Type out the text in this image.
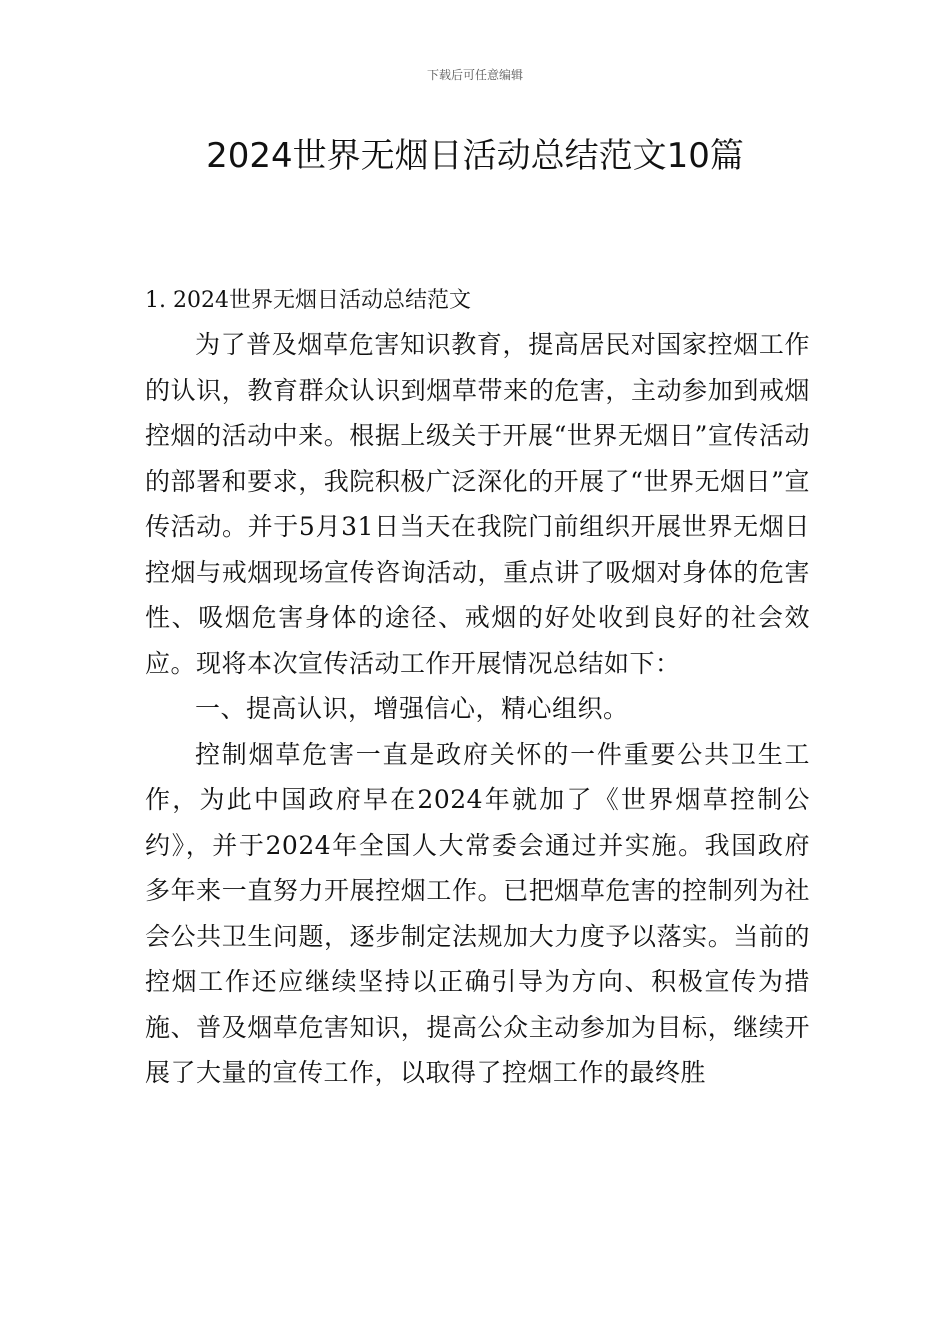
下载后可任意编辑
2024世界无烟日活动总结范文10篇

1. 2024世界无烟日活动总结范文

为了普及烟草危害知识教育，提高居民对国家控烟工作的认识，教育群众认识到烟草带来的危害，主动参加到戒烟控烟的活动中来。根据上级关于开展“世界无烟日”宣传活动的部署和要求，我院积极广泛深化的开展了“世界无烟日”宣传活动。并于5月31日当天在我院门前组织开展世界无烟日控烟与戒烟现场宣传咨询活动，重点讲了吸烟对身体的危害性、吸烟危害身体的途径、戒烟的好处收到良好的社会效应。现将本次宣传活动工作开展情况总结如下：

一、提高认识，增强信心，精心组织。

控制烟草危害一直是政府关怀的一件重要公共卫生工作，为此中国政府早在2024年就加了《世界烟草控制公约》，并于2024年全国人大常委会通过并实施。我国政府多年来一直努力开展控烟工作。已把烟草危害的控制列为社会公共卫生问题，逐步制定法规加大力度予以落实。当前的控烟工作还应继续坚持以正确引导为方向、积极宣传为措施、普及烟草危害知识，提高公众主动参加为目标，继续开展了大量的宣传工作，以取得了控烟工作的最终胜
